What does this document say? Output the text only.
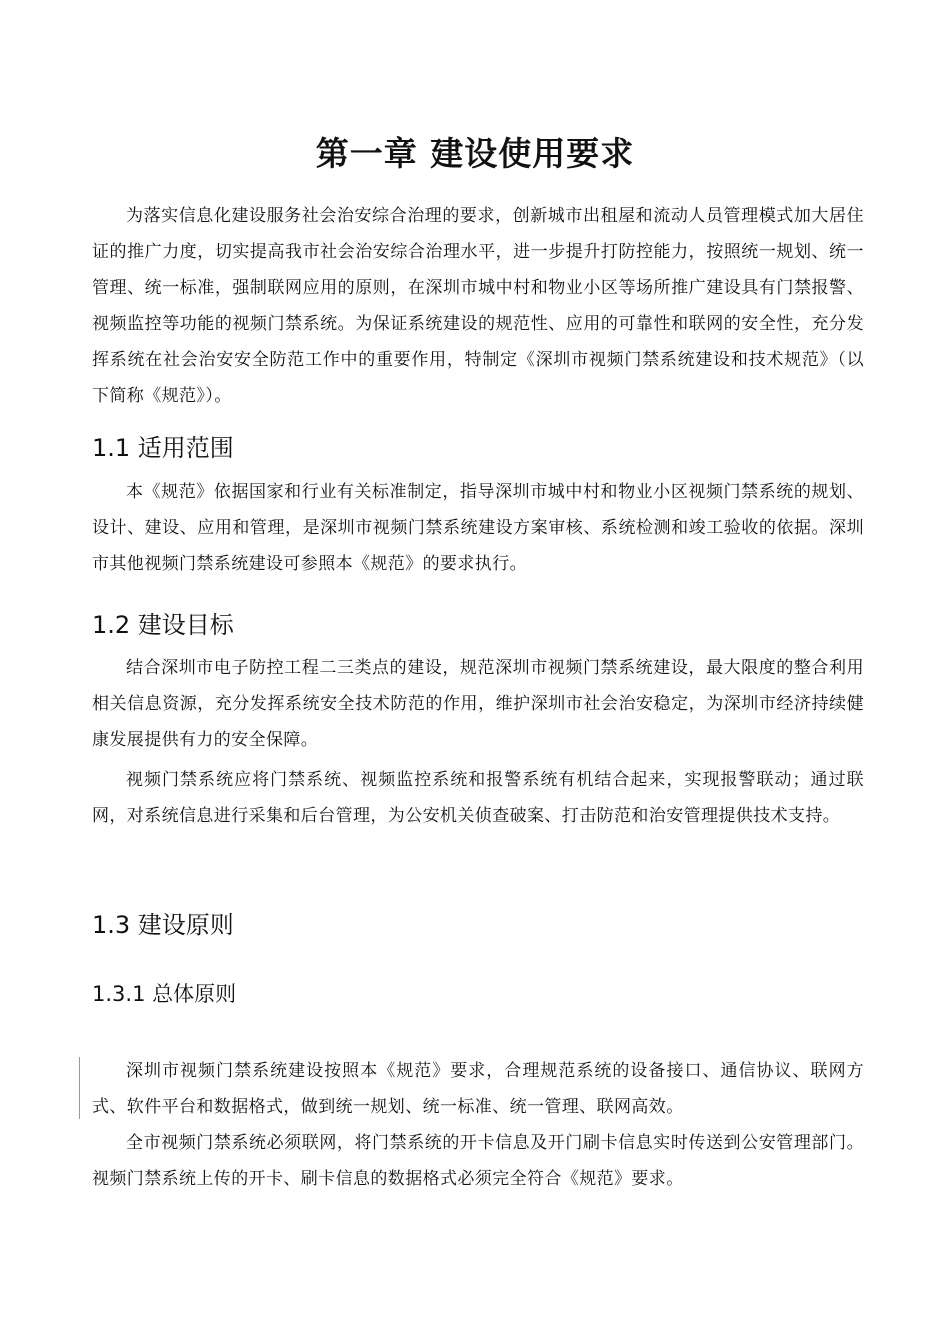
第一章 建设使用要求

为落实信息化建设服务社会治安综合治理的要求，创新城市出租屋和流动人员管理模式加大居住证的推广力度，切实提高我市社会治安综合治理水平，进一步提升打防控能力，按照统一规划、统一管理、统一标准，强制联网应用的原则，在深圳市城中村和物业小区等场所推广建设具有门禁报警、视频监控等功能的视频门禁系统。为保证系统建设的规范性、应用的可靠性和联网的安全性，充分发挥系统在社会治安安全防范工作中的重要作用，特制定《深圳市视频门禁系统建设和技术规范》（以下简称《规范》）。

1.1 适用范围

本《规范》依据国家和行业有关标准制定，指导深圳市城中村和物业小区视频门禁系统的规划、设计、建设、应用和管理，是深圳市视频门禁系统建设方案审核、系统检测和竣工验收的依据。深圳市其他视频门禁系统建设可参照本《规范》的要求执行。

1.2 建设目标

结合深圳市电子防控工程二三类点的建设，规范深圳市视频门禁系统建设，最大限度的整合利用相关信息资源，充分发挥系统安全技术防范的作用，维护深圳市社会治安稳定，为深圳市经济持续健康发展提供有力的安全保障。

视频门禁系统应将门禁系统、视频监控系统和报警系统有机结合起来，实现报警联动；通过联网，对系统信息进行采集和后台管理，为公安机关侦查破案、打击防范和治安管理提供技术支持。

1.3 建设原则
1.3.1 总体原则

深圳市视频门禁系统建设按照本《规范》要求，合理规范系统的设备接口、通信协议、联网方式、软件平台和数据格式，做到统一规划、统一标准、统一管理、联网高效。

全市视频门禁系统必须联网，将门禁系统的开卡信息及开门刷卡信息实时传送到公安管理部门。视频门禁系统上传的开卡、刷卡信息的数据格式必须完全符合《规范》要求。
